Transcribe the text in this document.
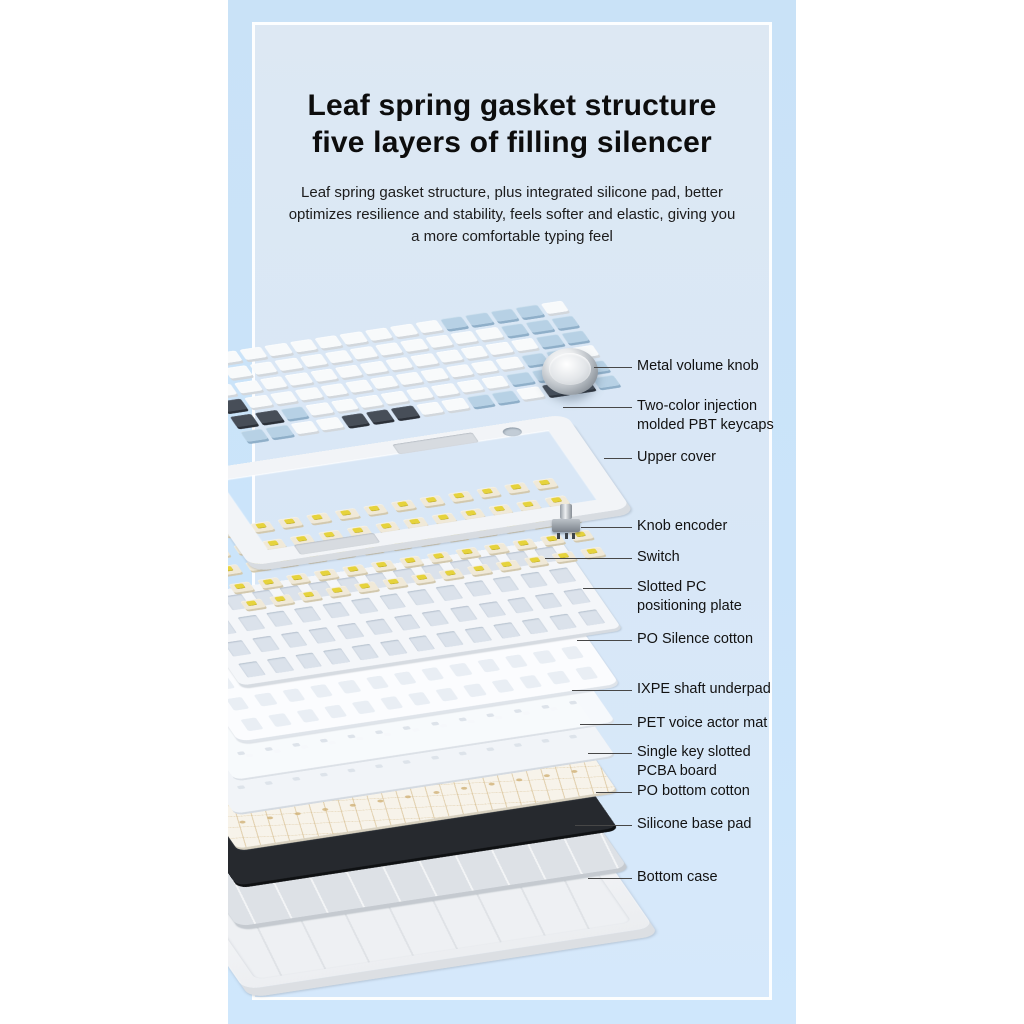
Leaf spring gasket structure
five layers of filling silencer

Leaf spring gasket structure, plus integrated silicone pad, better optimizes resilience and stability, feels softer and elastic, giving you a more comfortable typing feel

Metal volume knob
Two-color injection molded PBT keycaps
Upper cover
Knob encoder
Switch
Slotted PC positioning plate
PO Silence cotton
IXPE shaft underpad
PET voice actor mat
Single key slotted PCBA board
PO bottom cotton
Silicone base pad
Bottom case
